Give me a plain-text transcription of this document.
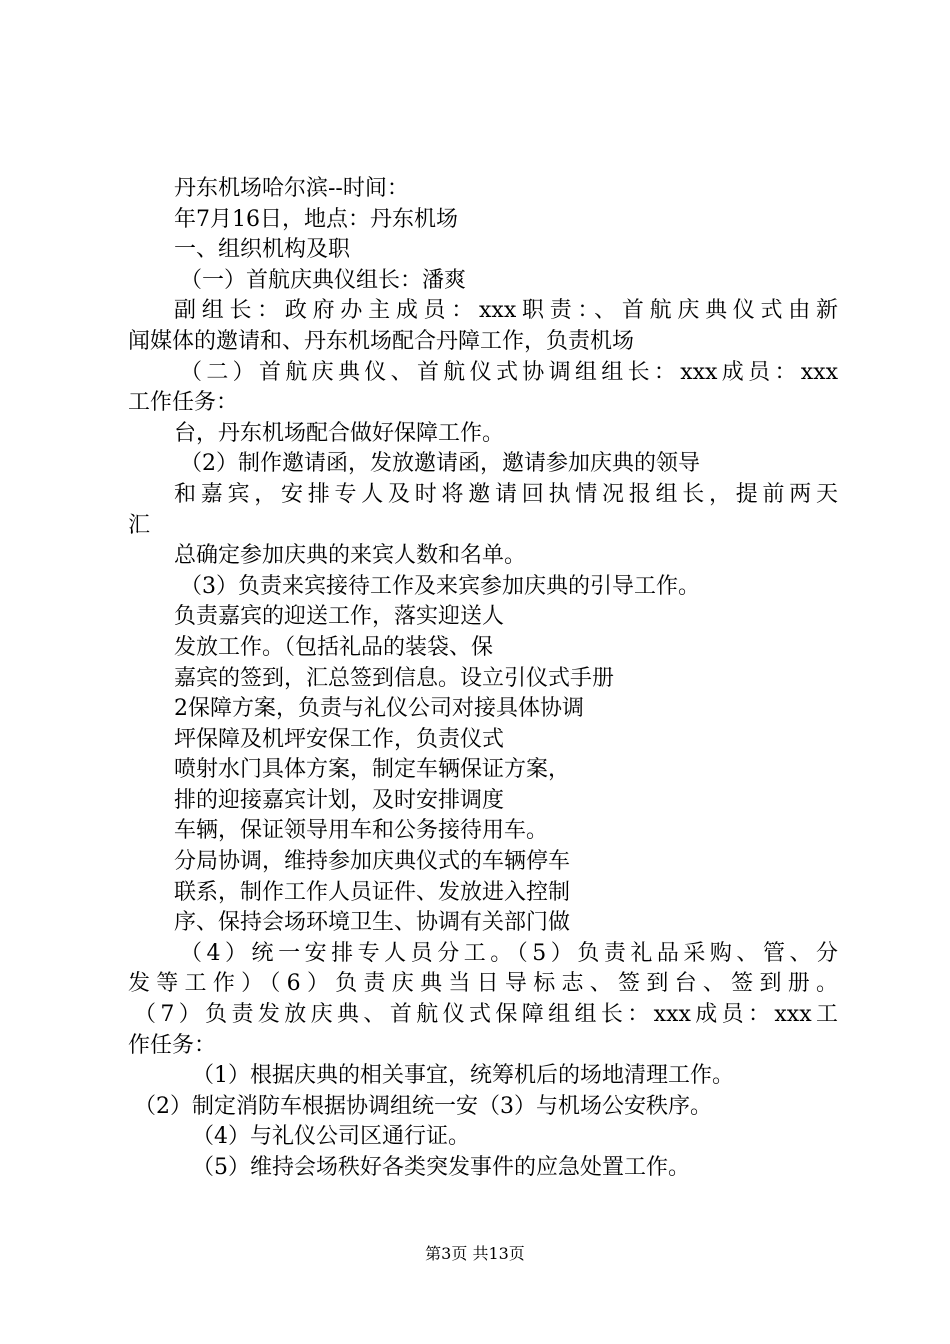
丹东机场哈尔滨--时间：
年7月16日，地点：丹东机场
一、组织机构及职
（一）首航庆典仪组长：潘爽
副组长：政府办主成员：xxx职责：、首航庆典仪式由新
闻媒体的邀请和、丹东机场配合丹障工作，负责机场
（二）首航庆典仪、首航仪式协调组组长：xxx成员：xxx
工作任务：
台，丹东机场配合做好保障工作。
（2）制作邀请函，发放邀请函，邀请参加庆典的领导
和嘉宾，安排专人及时将邀请回执情况报组长，提前两天
汇
总确定参加庆典的来宾人数和名单。
（3）负责来宾接待工作及来宾参加庆典的引导工作。
负责嘉宾的迎送工作，落实迎送人
发放工作。（包括礼品的装袋、保
嘉宾的签到，汇总签到信息。设立引仪式手册
2保障方案，负责与礼仪公司对接具体协调
坪保障及机坪安保工作，负责仪式
喷射水门具体方案，制定车辆保证方案，
排的迎接嘉宾计划，及时安排调度
车辆，保证领导用车和公务接待用车。
分局协调，维持参加庆典仪式的车辆停车
联系，制作工作人员证件、发放进入控制
序、保持会场环境卫生、协调有关部门做
（4）统一安排专人员分工。（5）负责礼品采购、管、分
发等工作）（6）负责庆典当日导标志、签到台、签到册。
（7）负责发放庆典、首航仪式保障组组长：xxx成员：xxx工
作任务：
（1）根据庆典的相关事宜，统筹机后的场地清理工作。
（2）制定消防车根据协调组统一安（3）与机场公安秩序。
（4）与礼仪公司区通行证。
（5）维持会场秩好各类突发事件的应急处置工作。
第3页 共13页
